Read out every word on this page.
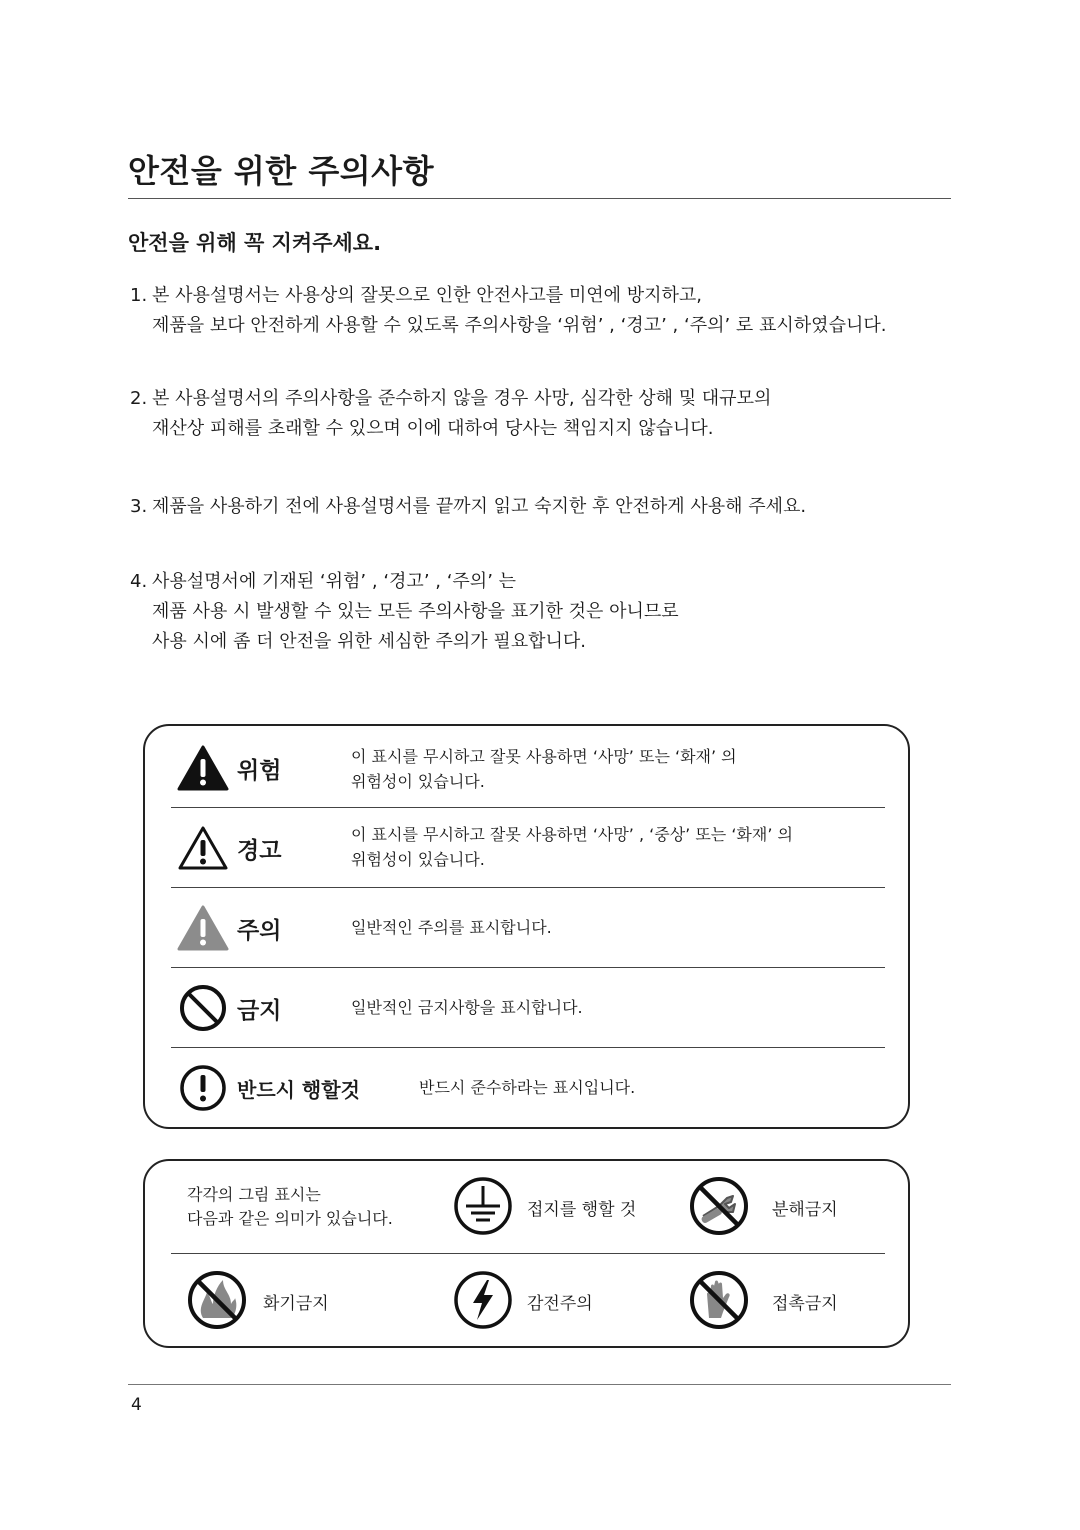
안전을 위한 주의사항
안전을 위해 꼭 지켜주세요.
1. 본 사용설명서는 사용상의 잘못으로 인한 안전사고를 미연에 방지하고,
제품을 보다 안전하게 사용할 수 있도록 주의사항을 ‘위험’ , ‘경고’ , ‘주의’ 로 표시하였습니다.
2. 본 사용설명서의 주의사항을 준수하지 않을 경우 사망, 심각한 상해 및 대규모의
재산상 피해를 초래할 수 있으며 이에 대하여 당사는 책임지지 않습니다.
3. 제품을 사용하기 전에 사용설명서를 끝까지 읽고 숙지한 후 안전하게 사용해 주세요.
4. 사용설명서에 기재된 ‘위험’ , ‘경고’ , ‘주의’ 는
제품 사용 시 발생할 수 있는 모든 주의사항을 표기한 것은 아니므로
사용 시에 좀 더 안전을 위한 세심한 주의가 필요합니다.
위험
이 표시를 무시하고 잘못 사용하면 ‘사망’ 또는 ‘화재’ 의
위험성이 있습니다.
경고
이 표시를 무시하고 잘못 사용하면 ‘사망’ , ‘중상’ 또는 ‘화재’ 의
위험성이 있습니다.
주의	일반적인 주의를 표시합니다.
금지	일반적인 금지사항을 표시합니다.
반드시 행할것	반드시 준수하라는 표시입니다.
각각의 그림 표시는
다음과 같은 의미가 있습니다.	접지를 행할 것	분해금지
화기금지	감전주의	접촉금지
4
